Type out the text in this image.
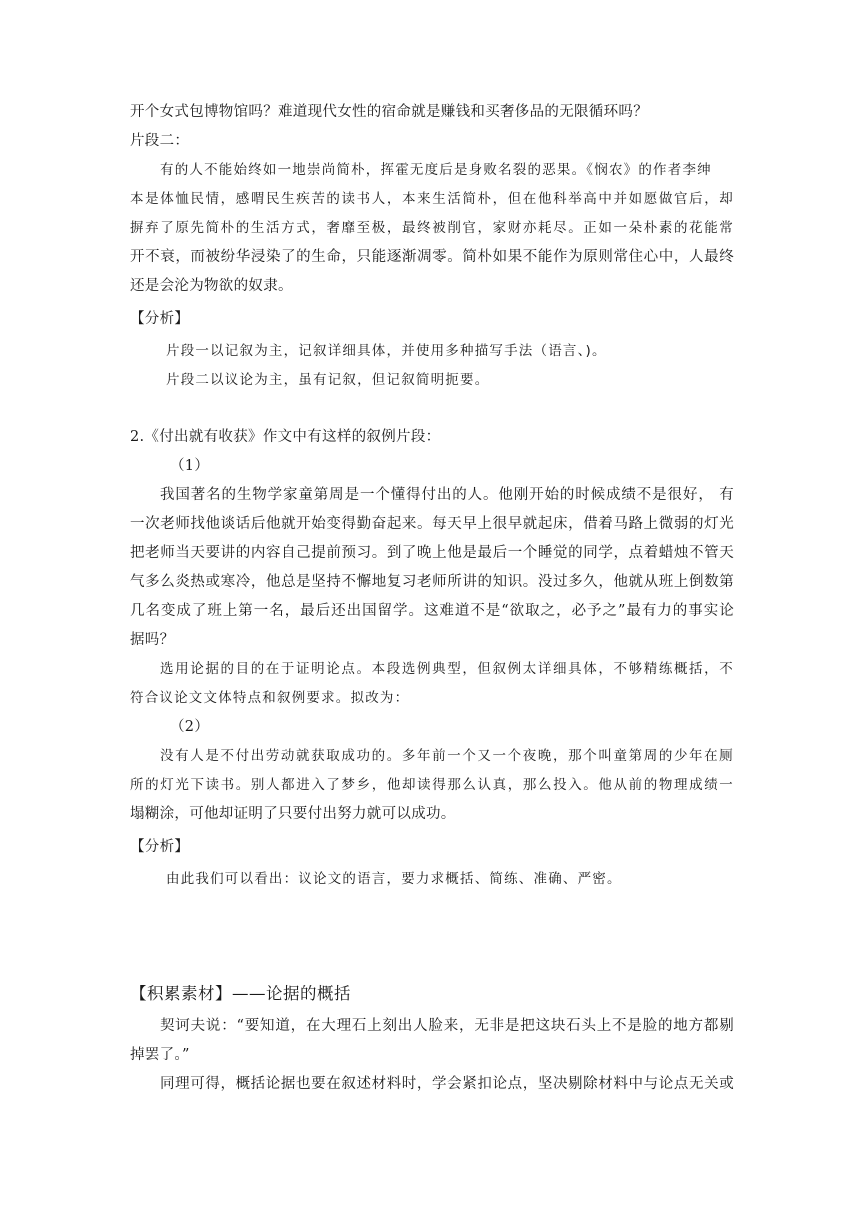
开个女式包博物馆吗？难道现代女性的宿命就是赚钱和买奢侈品的无限循环吗？
片段二：
有的人不能始终如一地崇尚简朴，挥霍无度后是身败名裂的恶果。《悯农》的作者李绅
本是体恤民情，感喟民生疾苦的读书人，本来生活简朴，但在他科举高中并如愿做官后，却
摒弃了原先简朴的生活方式，奢靡至极，最终被削官，家财亦耗尽。正如一朵朴素的花能常
开不衰，而被纷华浸染了的生命，只能逐渐凋零。简朴如果不能作为原则常住心中，人最终
还是会沦为物欲的奴隶。
【分析】
片段一以记叙为主，记叙详细具体，并使用多种描写手法（语言、)。
片段二以议论为主，虽有记叙，但记叙简明扼要。
2.《付出就有收获》作文中有这样的叙例片段：
（1）
我国著名的生物学家童第周是一个懂得付出的人。他刚开始的时候成绩不是很好， 有
一次老师找他谈话后他就开始变得勤奋起来。每天早上很早就起床，借着马路上微弱的灯光
把老师当天要讲的内容自己提前预习。到了晚上他是最后一个睡觉的同学，点着蜡烛不管天
气多么炎热或寒冷，他总是坚持不懈地复习老师所讲的知识。没过多久，他就从班上倒数第
几名变成了班上第一名，最后还出国留学。这难道不是“欲取之，必予之”最有力的事实论
据吗？
选用论据的目的在于证明论点。本段选例典型，但叙例太详细具体，不够精练概括，不
符合议论文文体特点和叙例要求。拟改为：
（2）
没有人是不付出劳动就获取成功的。多年前一个又一个夜晚，那个叫童第周的少年在厕
所的灯光下读书。别人都进入了梦乡，他却读得那么认真，那么投入。他从前的物理成绩一
塌糊涂，可他却证明了只要付出努力就可以成功。
【分析】
由此我们可以看出：议论文的语言，要力求概括、简练、准确、严密。
【积累素材】——论据的概括
契诃夫说：“要知道，在大理石上刻出人脸来，无非是把这块石头上不是脸的地方都剔
掉罢了。”
同理可得，概括论据也要在叙述材料时，学会紧扣论点，坚决剔除材料中与论点无关或
